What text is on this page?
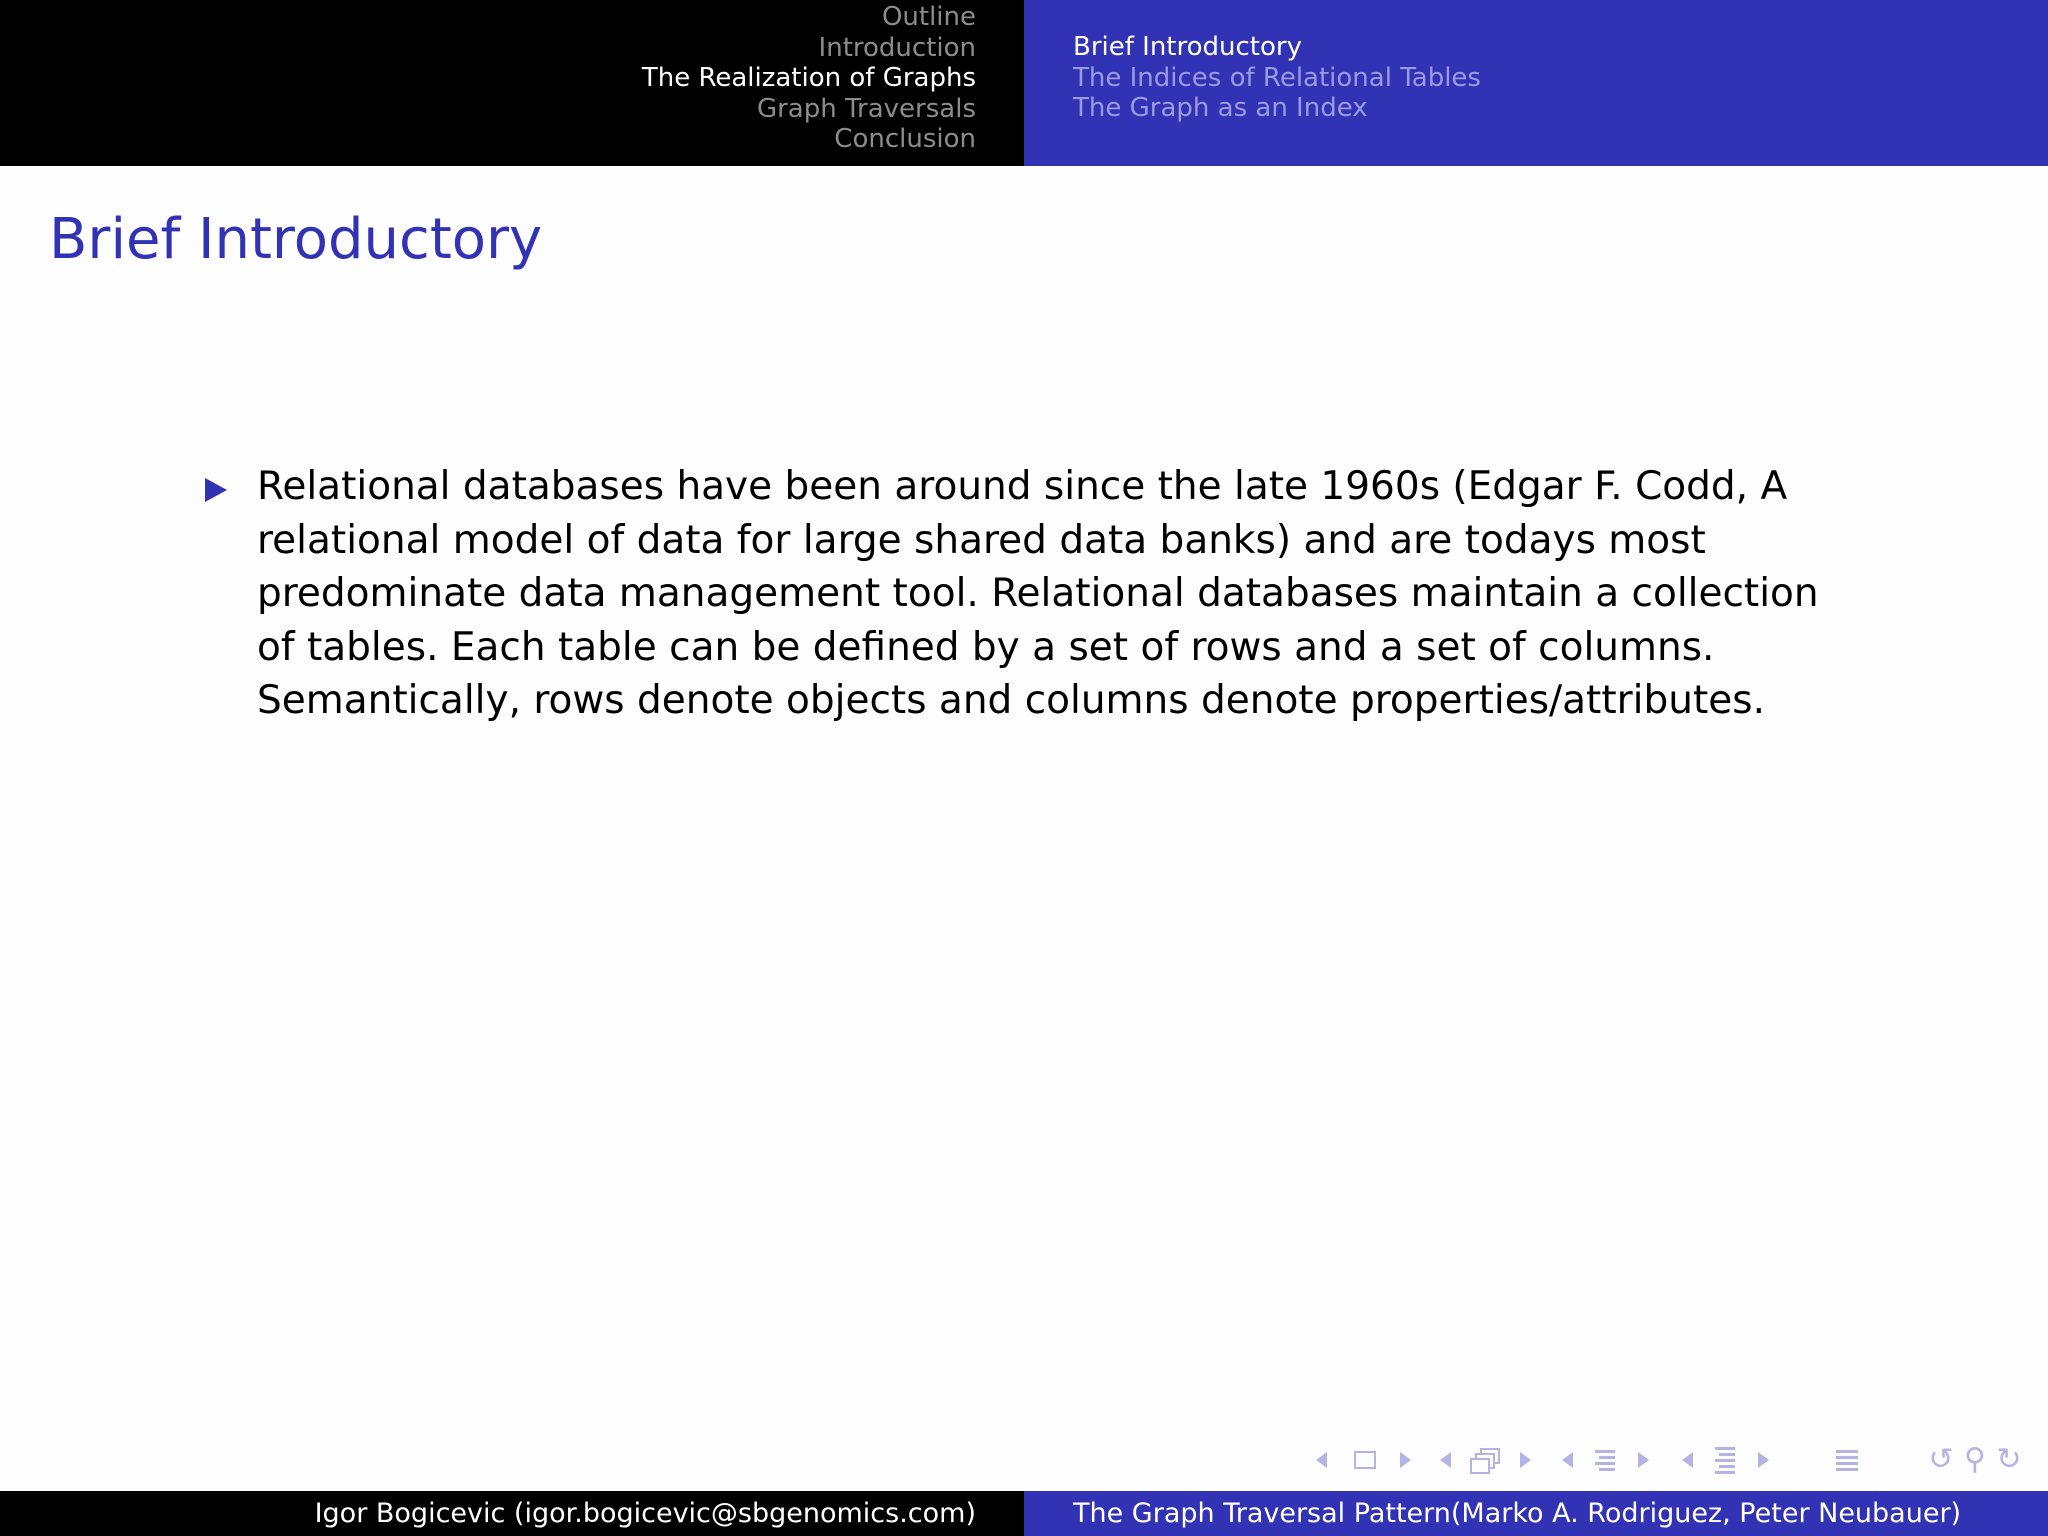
Outline
Introduction
The Realization of Graphs
Graph Traversals
Conclusion
Brief Introductory
The Indices of Relational Tables
The Graph as an Index
Brief Introductory
Relational databases have been around since the late 1960s (Edgar F. Codd, A relational model of data for large shared data banks) and are todays most predominate data management tool. Relational databases maintain a collection of tables. Each table can be defined by a set of rows and a set of columns. Semantically, rows denote objects and columns denote properties/attributes.
↺ ⚲ ↻
Igor Bogicevic (igor.bogicevic@sbgenomics.com)	The Graph Traversal Pattern(Marko A. Rodriguez, Peter Neubauer)
